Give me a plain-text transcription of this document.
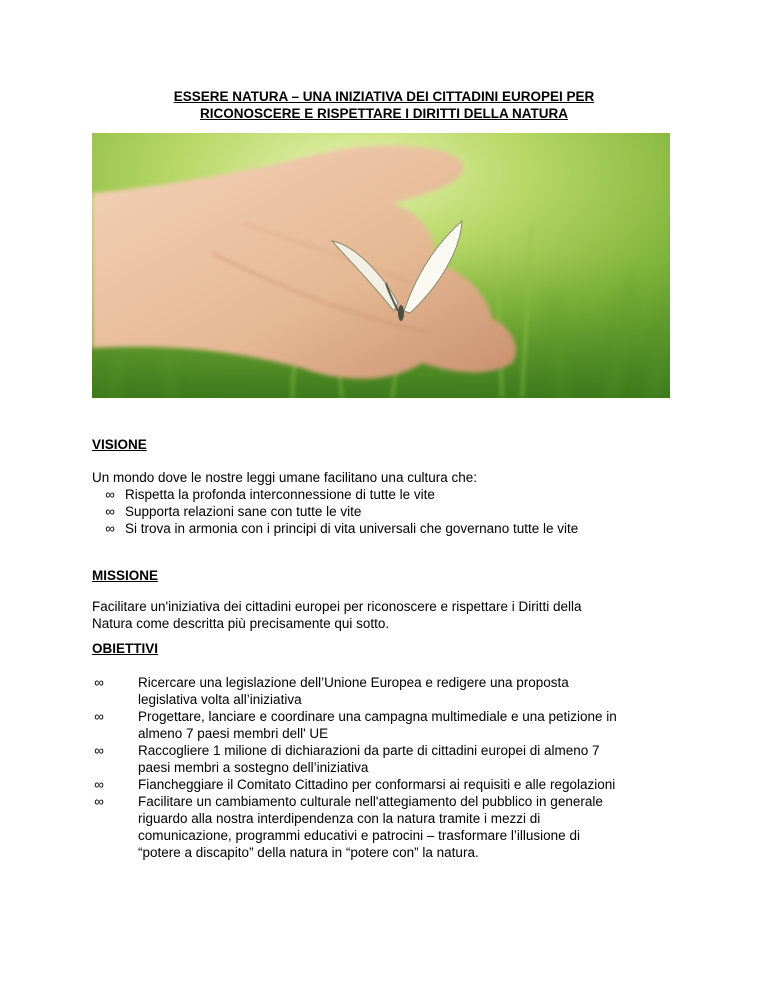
ESSERE NATURA – UNA INIZIATIVA DEI CITTADINI EUROPEI PER
RICONOSCERE E RISPETTARE I DIRITTI DELLA NATURA
VISIONE
Un mondo dove le nostre leggi umane facilitano una cultura che:
∞ Rispetta la profonda interconnessione di tutte le vite
∞ Supporta relazioni sane con tutte le vite
∞ Si trova in armonia con i principi di vita universali che governano tutte le vite
MISSIONE
Facilitare un'iniziativa dei cittadini europei per riconoscere e rispettare i Diritti della
Natura come descritta più precisamente qui sotto.
OBIETTIVI
∞	Ricercare una legislazione dell’Unione Europea e redigere una proposta
legislativa volta all’iniziativa
∞	Progettare, lanciare e coordinare una campagna multimediale e una petizione in
almeno 7 paesi membri dell' UE
∞	Raccogliere 1 milione di dichiarazioni da parte di cittadini europei di almeno 7
paesi membri a sostegno dell’iniziativa
∞	Fiancheggiare il Comitato Cittadino per conformarsi ai requisiti e alle regolazioni
∞	Facilitare un cambiamento culturale nell'attegiamento del pubblico in generale
riguardo alla nostra interdipendenza con la natura tramite i mezzi di
comunicazione, programmi educativi e patrocini – trasformare l’illusione di
“potere a discapito” della natura in “potere con” la natura.
